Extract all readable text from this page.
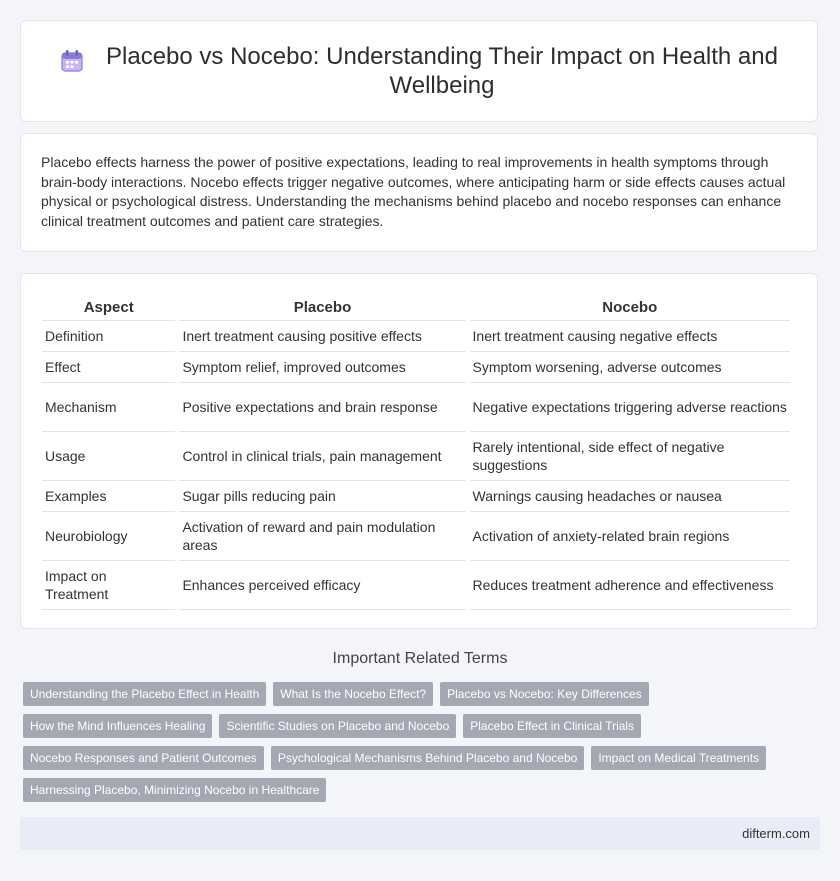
Placebo vs Nocebo: Understanding Their Impact on Health and Wellbeing

Placebo effects harness the power of positive expectations, leading to real improvements in health symptoms through brain-body interactions. Nocebo effects trigger negative outcomes, where anticipating harm or side effects causes actual physical or psychological distress. Understanding the mechanisms behind placebo and nocebo responses can enhance clinical treatment outcomes and patient care strategies.

Aspect	Placebo	Nocebo
Definition	Inert treatment causing positive effects	Inert treatment causing negative effects
Effect	Symptom relief, improved outcomes	Symptom worsening, adverse outcomes
Mechanism	Positive expectations and brain response	Negative expectations triggering adverse reactions
Usage	Control in clinical trials, pain management	Rarely intentional, side effect of negative suggestions
Examples	Sugar pills reducing pain	Warnings causing headaches or nausea
Neurobiology	Activation of reward and pain modulation areas	Activation of anxiety-related brain regions
Impact on Treatment	Enhances perceived efficacy	Reduces treatment adherence and effectiveness
Important Related Terms
Understanding the Placebo Effect in Health What Is the Nocebo Effect? Placebo vs Nocebo: Key Differences
How the Mind Influences Healing Scientific Studies on Placebo and Nocebo Placebo Effect in Clinical Trials
Nocebo Responses and Patient Outcomes Psychological Mechanisms Behind Placebo and Nocebo Impact on Medical Treatments
Harnessing Placebo, Minimizing Nocebo in Healthcare
difterm.com
